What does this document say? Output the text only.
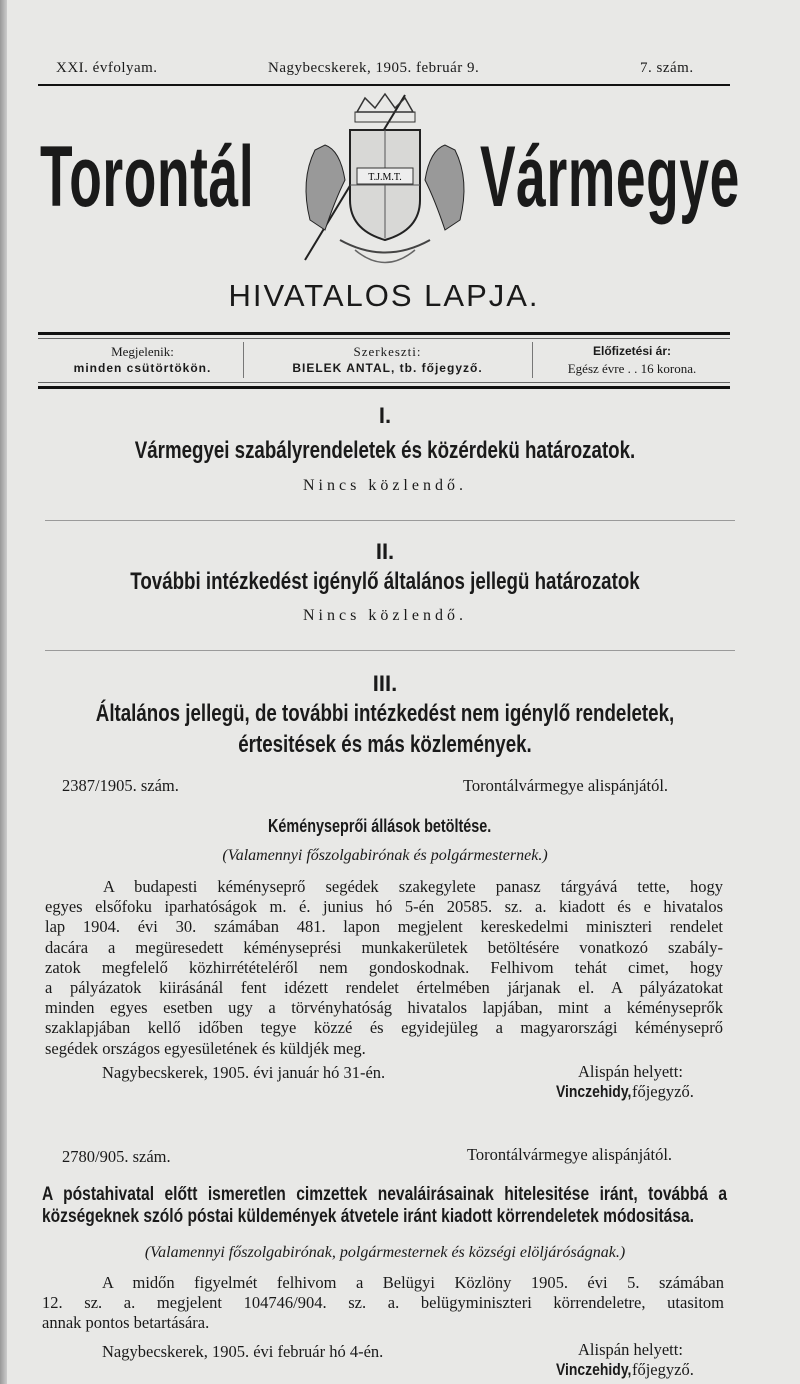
XXI. évfolyam.	Nagybecskerek, 1905. február 9.	7. szám.
Torontál	Vármegye
T.J.M.T.
HIVATALOS LAPJA.
Megjelenik:
minden csütörtökön.
Szerkeszti:
BIELEK ANTAL, tb. főjegyző.
Előfizetési ár:
Egész évre . . 16 korona.
I.
Vármegyei szabályrendeletek és közérdekü határozatok.
Nincs közlendő.
II.
További intézkedést igénylő általános jellegü határozatok
Nincs közlendő.
III.
Általános jellegü, de további intézkedést nem igénylő rendeletek,
értesitések és más közlemények.
2387/1905. szám.	Torontálvármegye alispánjától.
Kéményseprői állások betöltése.
(Valamennyi főszolgabirónak és polgármesternek.)
A budapesti kéményseprő segédek szakegylete panasz tárgyává tette, hogy
egyes elsőfoku iparhatóságok m. é. junius hó 5-én 20585. sz. a. kiadott és e hivatalos
lap 1904. évi 30. számában 481. lapon megjelent kereskedelmi miniszteri rendelet
dacára a megüresedett kéményseprési munkakerületek betöltésére vonatkozó szabály-
zatok megfelelő közhirrétételéről nem gondoskodnak. Felhivom tehát cimet, hogy
a pályázatok kiirásánál fent idézett rendelet értelmében járjanak el. A pályázatokat
minden egyes esetben ugy a törvényhatóság hivatalos lapjában, mint a kéményseprők
szaklapjában kellő időben tegye közzé és egyidejüleg a magyarországi kéményseprő
segédek országos egyesületének és küldjék meg.
Nagybecskerek, 1905. évi január hó 31-én.	Alispán helyett:
Vinczehidy,főjegyző.
2780/905. szám.	Torontálvármegye alispánjától.
A póstahivatal előtt ismeretlen cimzettek nevaláirásainak hitelesitése iránt, továbbá a
községeknek szóló póstai küldemények átvetele iránt kiadott körrendeletek módositása.
(Valamennyi főszolgabirónak, polgármesternek és községi elöljáróságnak.)
A midőn figyelmét felhivom a Belügyi Közlöny 1905. évi 5. számában
12. sz. a. megjelent 104746/904. sz. a. belügyminiszteri körrendeletre, utasitom
annak pontos betartására.
Nagybecskerek, 1905. évi február hó 4-én.	Alispán helyett:
Vinczehidy,főjegyző.
